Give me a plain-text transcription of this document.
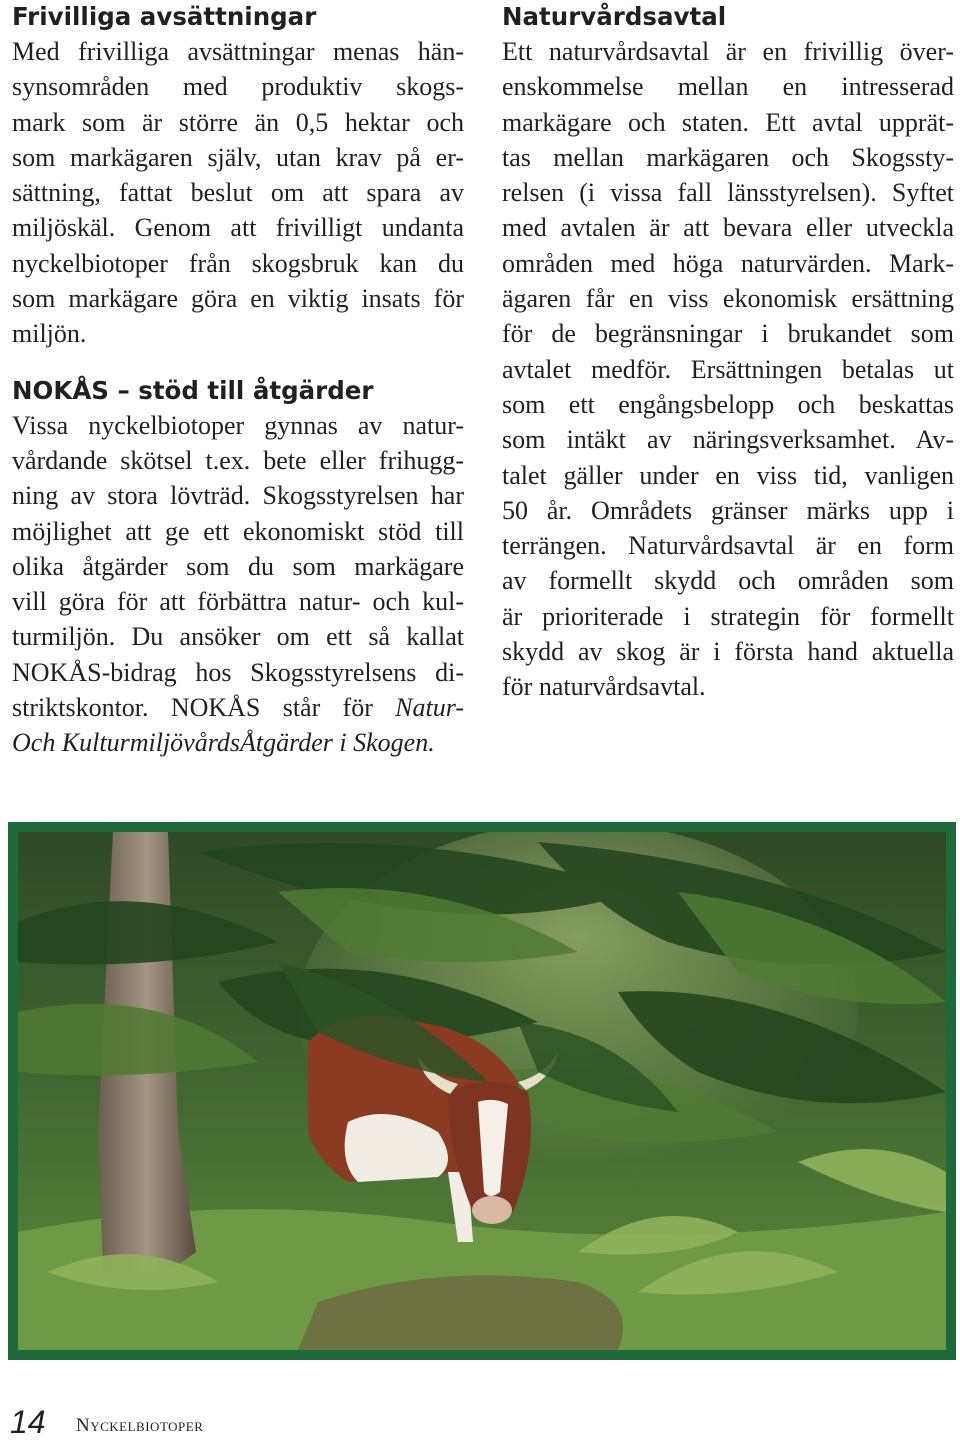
Frivilliga avsättningar
Med frivilliga avsättningar menas hän-
synsområden med produktiv skogs-
mark som är större än 0,5 hektar och
som markägaren själv, utan krav på er-
sättning, fattat beslut om att spara av
miljöskäl. Genom att frivilligt undanta
nyckelbiotoper från skogsbruk kan du
som markägare göra en viktig insats för
miljön.
NOKÅS – stöd till åtgärder
Vissa nyckelbiotoper gynnas av natur-
vårdande skötsel t.ex. bete eller frihugg-
ning av stora lövträd. Skogsstyrelsen har
möjlighet att ge ett ekonomiskt stöd till
olika åtgärder som du som markägare
vill göra för att förbättra natur- och kul-
turmiljön. Du ansöker om ett så kallat
NOKÅS-bidrag hos Skogsstyrelsens di-
striktskontor. NOKÅS står för Natur-
Och KulturmiljövårdsÅtgärder i Skogen.
Naturvårdsavtal
Ett naturvårdsavtal är en frivillig över-
enskommelse mellan en intresserad
markägare och staten. Ett avtal upprät-
tas mellan markägaren och Skogssty-
relsen (i vissa fall länsstyrelsen). Syftet
med avtalen är att bevara eller utveckla
områden med höga naturvärden. Mark-
ägaren får en viss ekonomisk ersättning
för de begränsningar i brukandet som
avtalet medför. Ersättningen betalas ut
som ett engångsbelopp och beskattas
som intäkt av näringsverksamhet. Av-
talet gäller under en viss tid, vanligen
50 år. Områdets gränser märks upp i
terrängen. Naturvårdsavtal är en form
av formellt skydd och områden som
är prioriterade i strategin för formellt
skydd av skog är i första hand aktuella
för naturvårdsavtal.
14 Nyckelbiotoper
